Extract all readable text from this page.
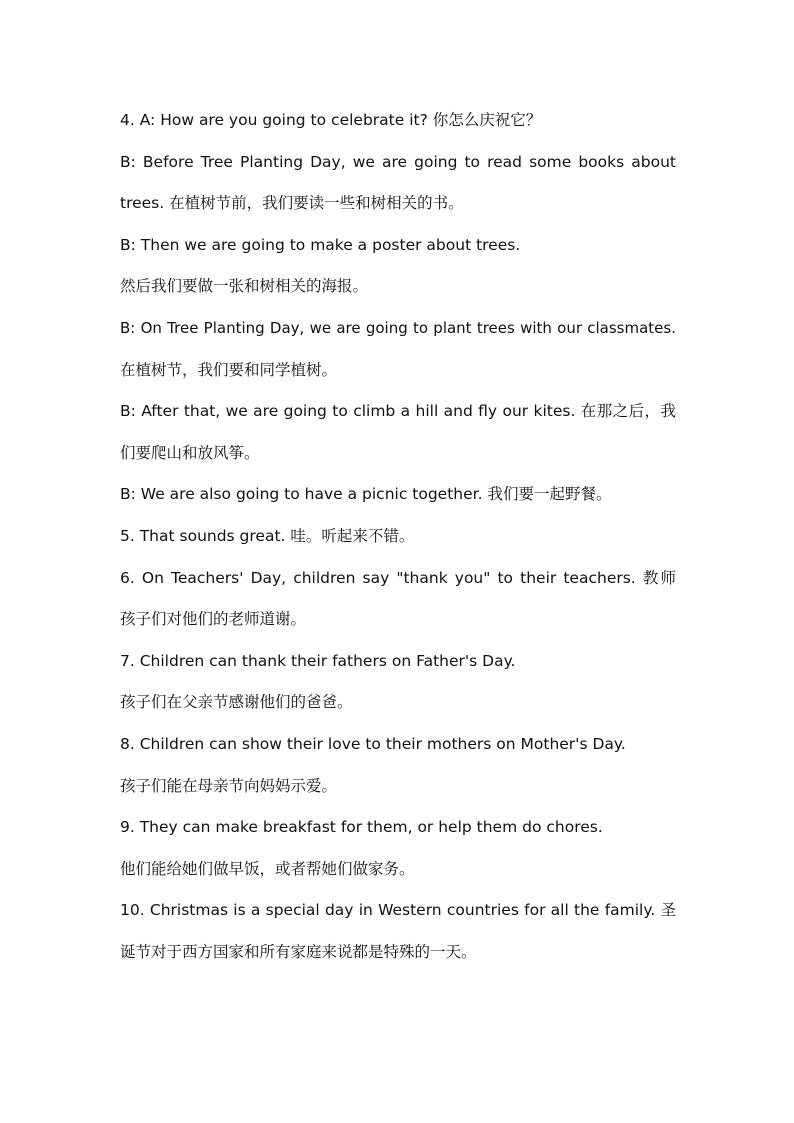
4. A: How are you going to celebrate it? 你怎么庆祝它？
B: Before Tree Planting Day, we are going to read some books about
trees. 在植树节前，我们要读一些和树相关的书。
B: Then we are going to make a poster about trees.
然后我们要做一张和树相关的海报。
B: On Tree Planting Day, we are going to plant trees with our classmates.
在植树节，我们要和同学植树。
B: After that, we are going to climb a hill and fly our kites. 在那之后，我
们要爬山和放风筝。
B: We are also going to have a picnic together. 我们要一起野餐。
5. That sounds great. 哇。听起来不错。
6. On Teachers' Day, children say "thank you" to their teachers. 教师
孩子们对他们的老师道谢。
7. Children can thank their fathers on Father's Day.
孩子们在父亲节感谢他们的爸爸。
8. Children can show their love to their mothers on Mother's Day.
孩子们能在母亲节向妈妈示爱。
9. They can make breakfast for them, or help them do chores.
他们能给她们做早饭，或者帮她们做家务。
10. Christmas is a special day in Western countries for all the family. 圣
诞节对于西方国家和所有家庭来说都是特殊的一天。
